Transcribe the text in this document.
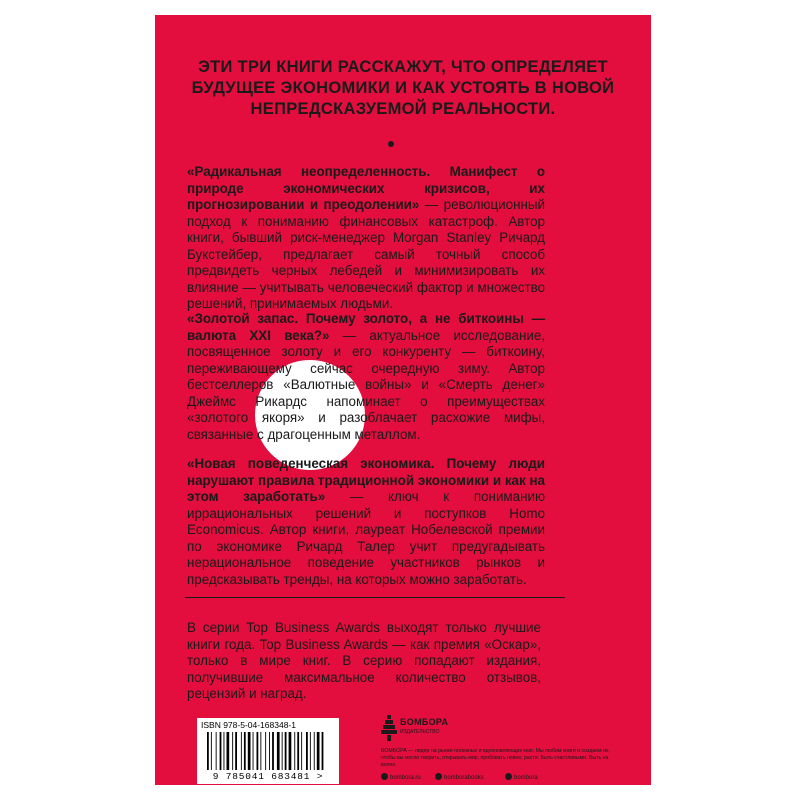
ЭТИ ТРИ КНИГИ РАССКАЖУТ, ЧТО ОПРЕДЕЛЯЕТ БУДУЩЕЕ ЭКОНОМИКИ И КАК УСТОЯТЬ В НОВОЙ НЕПРЕДСКАЗУЕМОЙ РЕАЛЬНОСТИ.

«Радикальная неопределенность. Манифест о природе экономических кризисов, их прогнозировании и преодолении» — революционный подход к пониманию финансовых катастроф. Автор книги, бывший риск-менеджер Morgan Stanley Ричард Букстейбер, предлагает самый точный способ предвидеть черных лебедей и минимизировать их влияние — учитывать человеческий фактор и множество решений, принимаемых людьми.

«Золотой запас. Почему золото, а не биткоины — валюта XXI века?» — актуальное исследование, посвященное золоту и его конкуренту — биткоину, переживающему сейчас очередную зиму. Автор бестселлеров «Валютные войны» и «Смерть денег» Джеймс Рикардс напоминает о преимуществах «золотого якоря» и разоблачает расхожие мифы, связанные с драгоценным металлом.

«Новая поведенческая экономика. Почему люди нарушают правила традиционной экономики и как на этом заработать» — ключ к пониманию иррациональных решений и поступков Homo Economicus. Автор книги, лауреат Нобелевской премии по экономике Ричард Талер учит предугадывать нерациональное поведение участников рынков и предсказывать тренды, на которых можно заработать.

В серии Top Business Awards выходят только лучшие книги года. Top Business Awards — как премия «Оскар», только в мире книг. В серию попадают издания, получившие максимальное количество отзывов, рецензий и наград.

ISBN 978-5-04-168348-1
9 785041 683481 >
БОМБОРА
ИЗДАТЕЛЬСТВО

БОМБОРА — лидер на рынке полезных и вдохновляющих книг. Мы любим книги и создаем их, чтобы вы могли творить, открывать мир, пробовать новое, расти. Быть счастливыми. Быть на волне.

bombora.ru	bomborabooks	bombora
